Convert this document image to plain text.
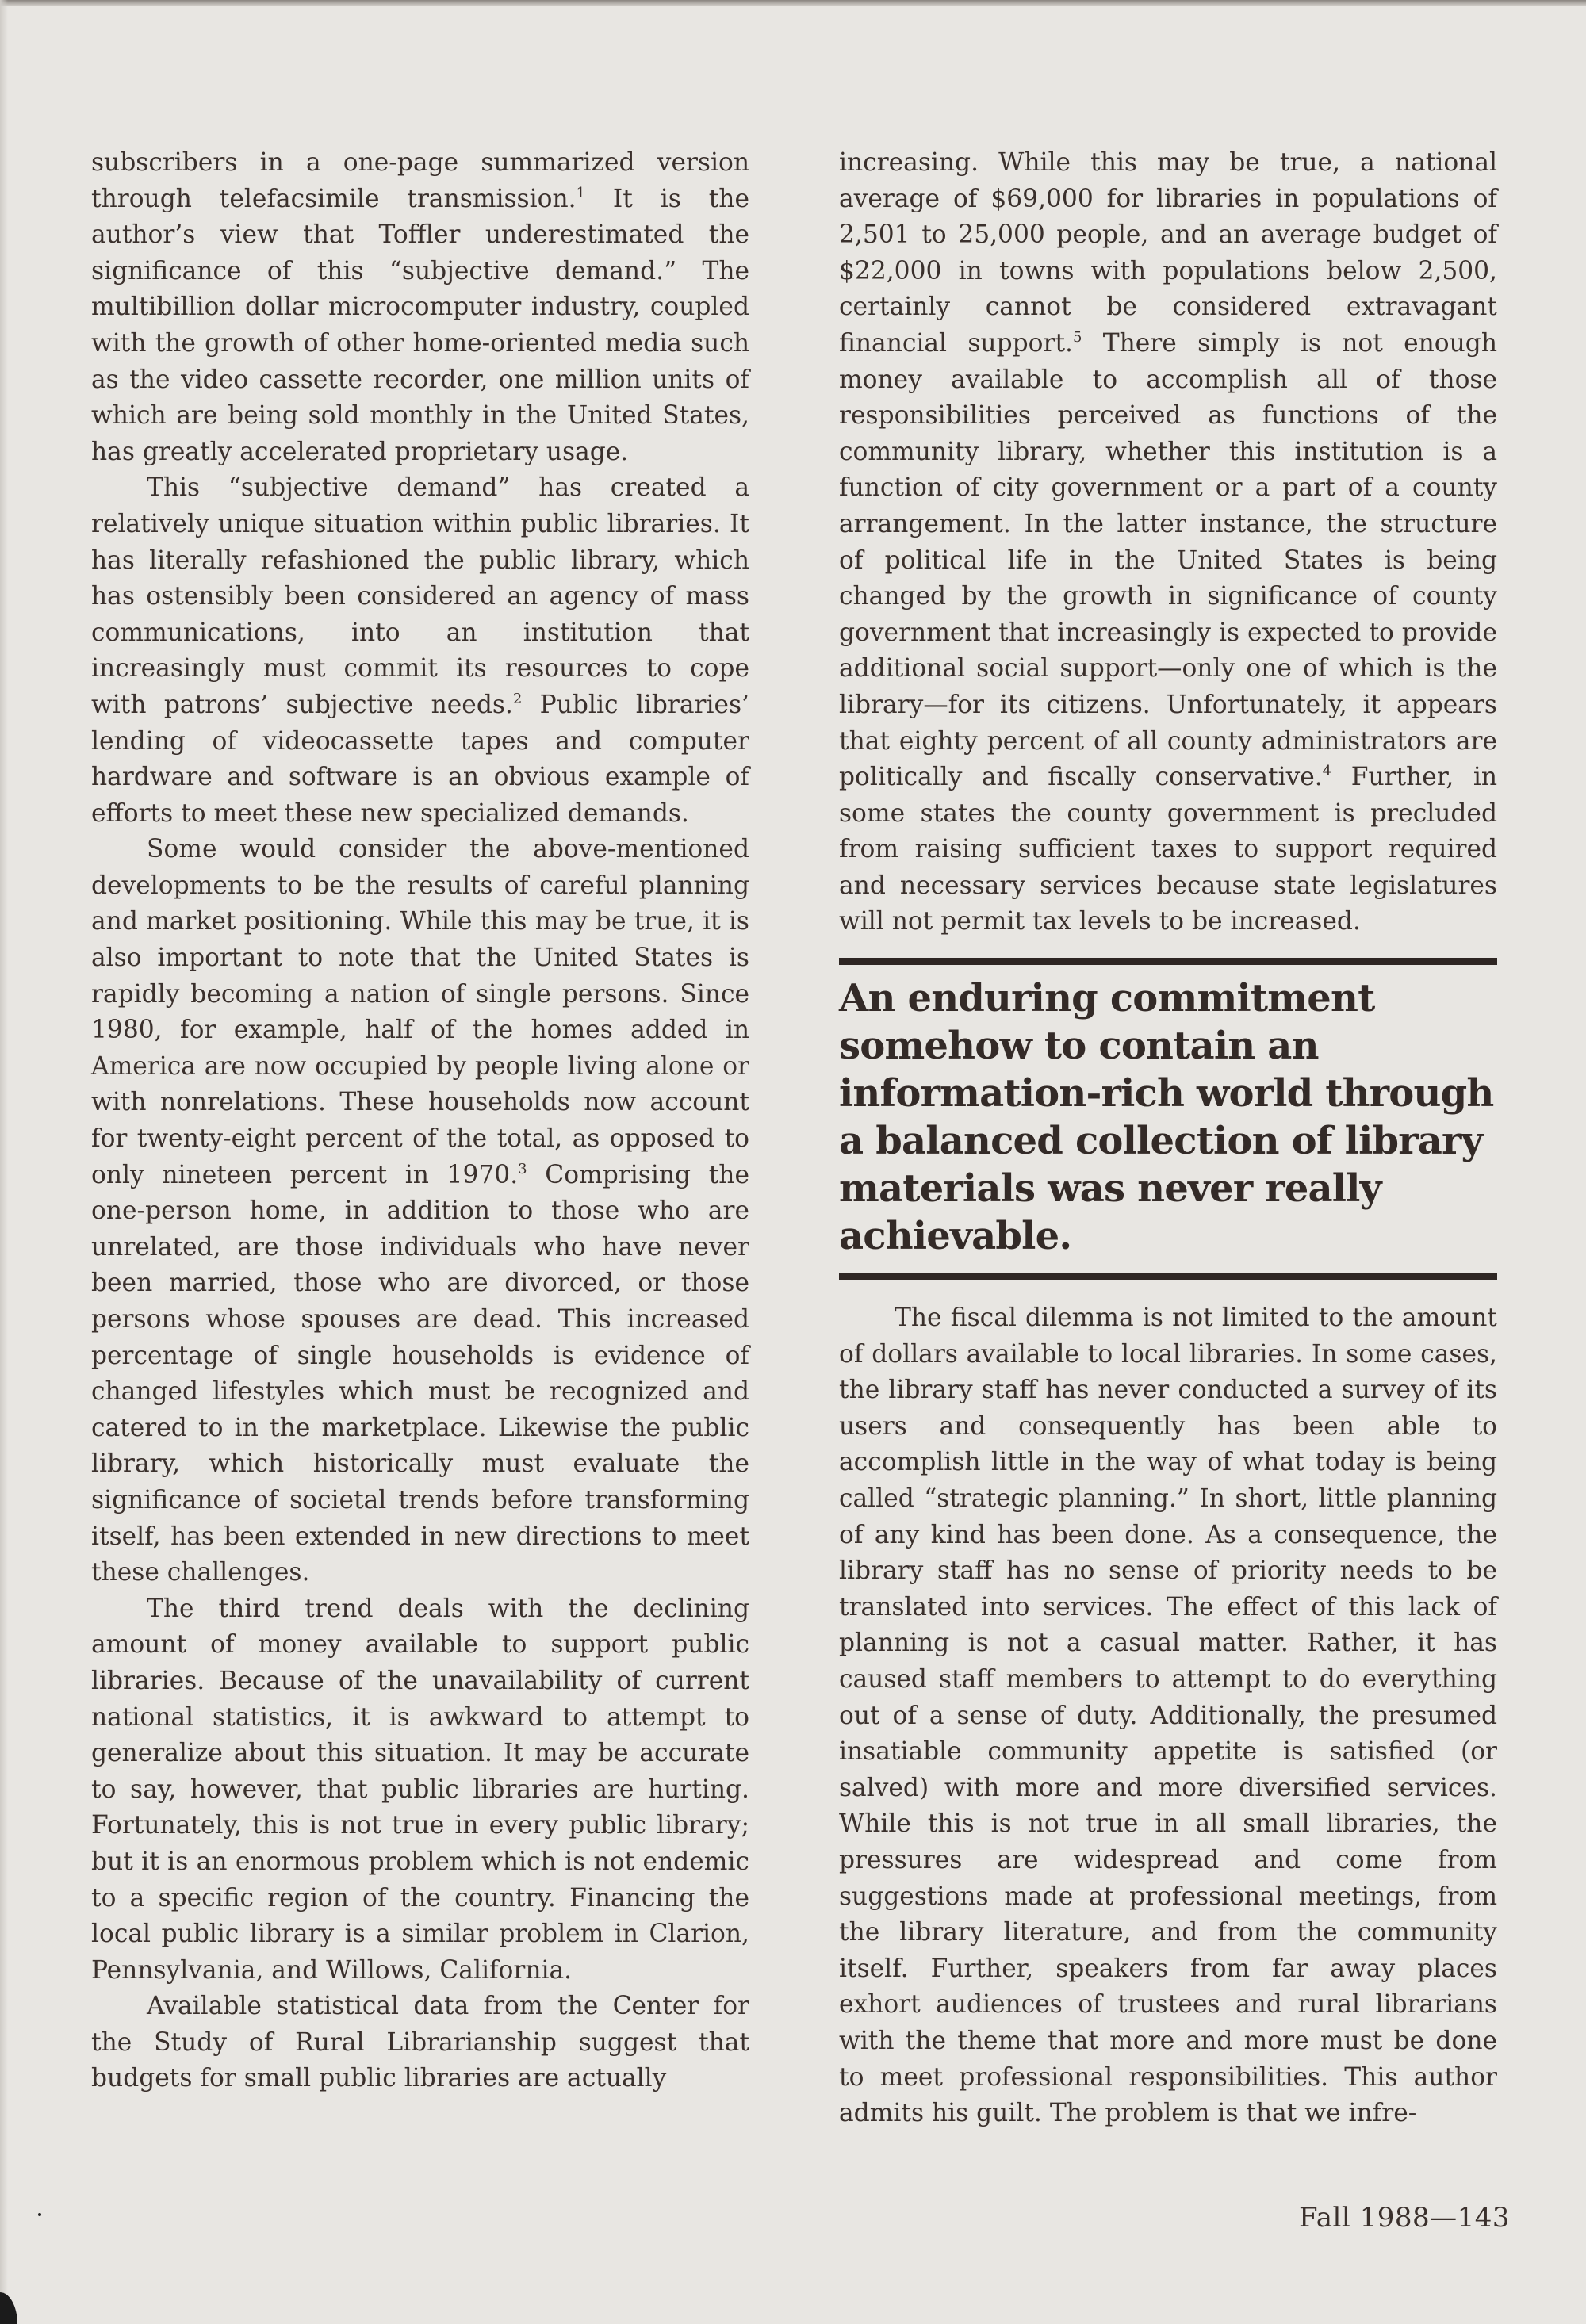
subscribers in a one-page summarized version through telefacsimile transmission.$^1$ It is the author’s view that Toffler underestimated the significance of this “subjective demand.” The multibillion dollar microcomputer industry, coupled with the growth of other home-oriented media such as the video cassette recorder, one million units of which are being sold monthly in the United States, has greatly accelerated proprietary usage.

This “subjective demand” has created a relatively unique situation within public libraries. It has literally refashioned the public library, which has ostensibly been considered an agency of mass communications, into an institution that increasingly must commit its resources to cope with patrons’ subjective needs.$^2$ Public libraries’ lending of videocassette tapes and computer hardware and software is an obvious example of efforts to meet these new specialized demands.

Some would consider the above-mentioned developments to be the results of careful planning and market positioning. While this may be true, it is also important to note that the United States is rapidly becoming a nation of single persons. Since 1980, for example, half of the homes added in America are now occupied by people living alone or with nonrelations. These households now account for twenty-eight percent of the total, as opposed to only nineteen percent in 1970.$^3$ Comprising the one-person home, in addition to those who are unrelated, are those individuals who have never been married, those who are divorced, or those persons whose spouses are dead. This increased percentage of single households is evidence of changed lifestyles which must be recognized and catered to in the marketplace. Likewise the public library, which historically must evaluate the significance of societal trends before transforming itself, has been extended in new directions to meet these challenges.

The third trend deals with the declining amount of money available to support public libraries. Because of the unavailability of current national statistics, it is awkward to attempt to generalize about this situation. It may be accurate to say, however, that public libraries are hurting. Fortunately, this is not true in every public library; but it is an enormous problem which is not endemic to a specific region of the country. Financing the local public library is a similar problem in Clarion, Pennsylvania, and Willows, California.

Available statistical data from the Center for the Study of Rural Librarianship suggest that budgets for small public libraries are actually

increasing. While this may be true, a national average of $69,000 for libraries in populations of 2,501 to 25,000 people, and an average budget of $22,000 in towns with populations below 2,500, certainly cannot be considered extravagant financial support.$^5$ There simply is not enough money available to accomplish all of those responsibilities perceived as functions of the community library, whether this institution is a function of city government or a part of a county arrangement. In the latter instance, the structure of political life in the United States is being changed by the growth in significance of county government that increasingly is expected to provide additional social support—only one of which is the library—for its citizens. Unfortunately, it appears that eighty percent of all county administrators are politically and fiscally conservative.$^4$ Further, in some states the county government is precluded from raising sufficient taxes to support required and necessary services because state legislatures will not permit tax levels to be increased.

An enduring commitment somehow to contain an information-rich world through a balanced collection of library materials was never really achievable.

The fiscal dilemma is not limited to the amount of dollars available to local libraries. In some cases, the library staff has never conducted a survey of its users and consequently has been able to accomplish little in the way of what today is being called “strategic planning.” In short, little planning of any kind has been done. As a consequence, the library staff has no sense of priority needs to be translated into services. The effect of this lack of planning is not a casual matter. Rather, it has caused staff members to attempt to do everything out of a sense of duty. Additionally, the presumed insatiable community appetite is satisfied (or salved) with more and more diversified services. While this is not true in all small libraries, the pressures are widespread and come from suggestions made at professional meetings, from the library literature, and from the community itself. Further, speakers from far away places exhort audiences of trustees and rural librarians with the theme that more and more must be done to meet professional responsibilities. This author admits his guilt. The problem is that we infre-

Fall 1988—143
